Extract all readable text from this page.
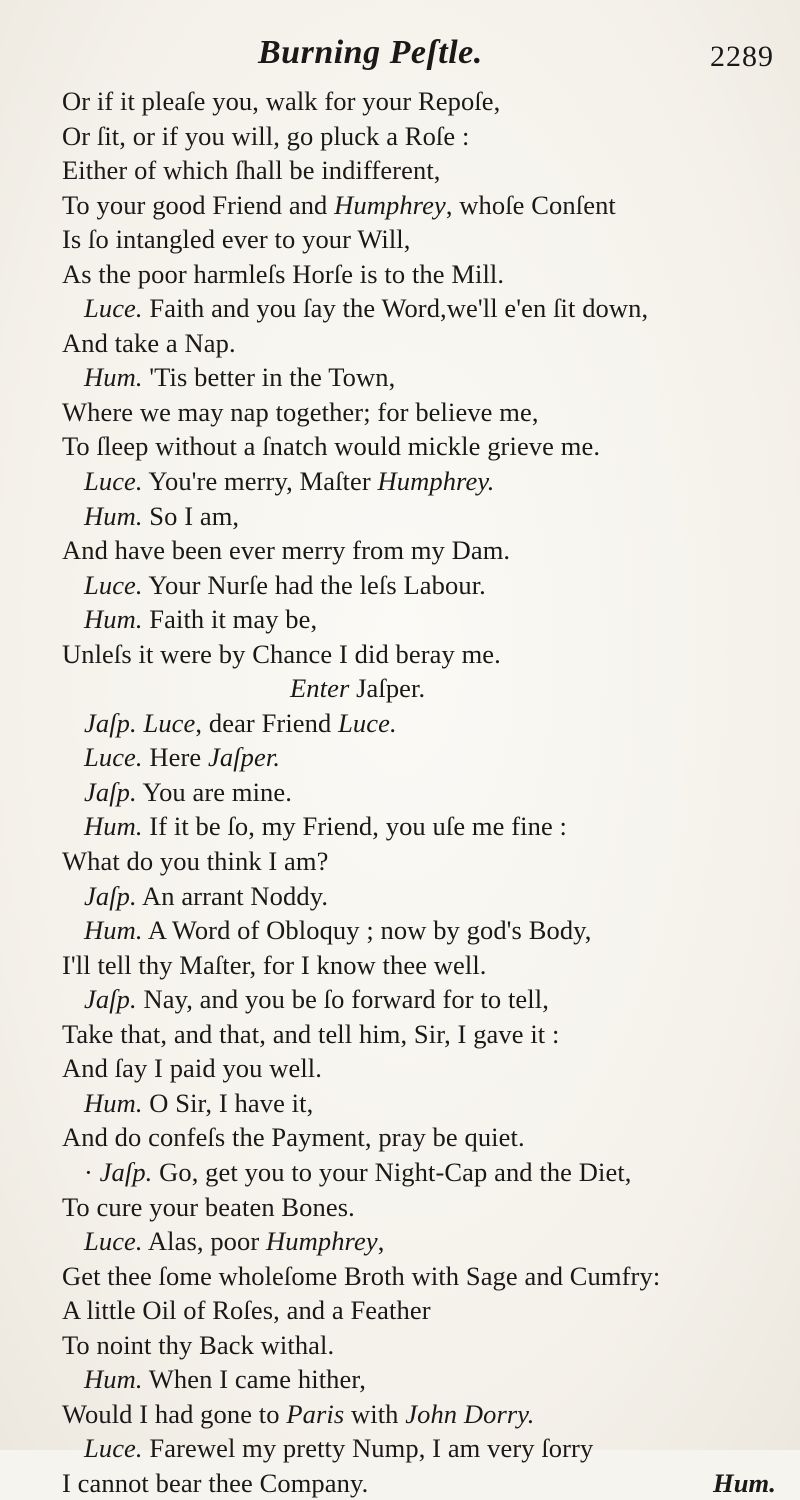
Burning Peſtle.	2289
Or if it pleaſe you, walk for your Repoſe,
Or ſit, or if you will, go pluck a Roſe :
Either of which ſhall be indifferent,
To your good Friend and Humphrey, whoſe Conſent
Is ſo intangled ever to your Will,
As the poor harmleſs Horſe is to the Mill.
Luce. Faith and you ſay the Word,we'll e'en ſit down,
And take a Nap.
Hum. 'Tis better in the Town,
Where we may nap together; for believe me,
To ſleep without a ſnatch would mickle grieve me.
Luce. You're merry, Maſter Humphrey.
Hum. So I am,
And have been ever merry from my Dam.
Luce. Your Nurſe had the leſs Labour.
Hum. Faith it may be,
Unleſs it were by Chance I did beray me.
Enter Jaſper.
Jaſp. Luce, dear Friend Luce.
Luce. Here Jaſper.
Jaſp. You are mine.
Hum. If it be ſo, my Friend, you uſe me fine :
What do you think I am?
Jaſp. An arrant Noddy.
Hum. A Word of Obloquy ; now by god's Body,
I'll tell thy Maſter, for I know thee well.
Jaſp. Nay, and you be ſo forward for to tell,
Take that, and that, and tell him, Sir, I gave it :
And ſay I paid you well.
Hum. O Sir, I have it,
And do confeſs the Payment, pray be quiet.
· Jaſp. Go, get you to your Night-Cap and the Diet,
To cure your beaten Bones.
Luce. Alas, poor Humphrey,
Get thee ſome wholeſome Broth with Sage and Cumfry:
A little Oil of Roſes, and a Feather
To noint thy Back withal.
Hum. When I came hither,
Would I had gone to Paris with John Dorry.
Luce. Farewel my pretty Nump, I am very ſorry
I cannot bear thee Company.	Hum.
